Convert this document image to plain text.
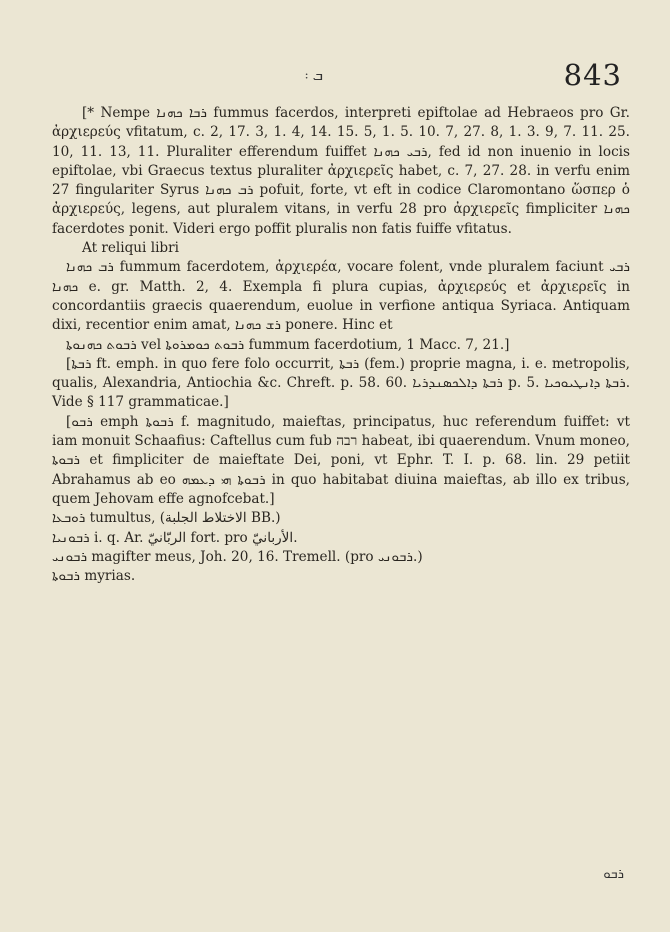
ܒ ܃	843

[* Nempe ܪܒܐ ܟܗܢܐ fummus facerdos, interpreti epiftolae ad Hebraeos pro Gr. ἀρχιερεύς vfitatum, c. 2, 17. 3, 1. 4, 14. 15. 5, 1. 5. 10. 7, 27. 8, 1. 3. 9, 7. 11. 25. 10, 11. 13, 11. Pluraliter efferendum fuiffet ܪܒܝ ܟܗܢܐ, fed id non inuenio in locis epiftolae, vbi Graecus textus pluraliter ἀρχιερεῖς habet, c. 7, 27. 28. in verfu enim 27 fingulariter Syrus ܪܒ ܟܗܢܐ pofuit, forte, vt eft in codice Claromontano ὥσπερ ὁ ἀρχιερεύς, legens, aut pluralem vitans, in verfu 28 pro ἀρχιερεῖς fimpliciter ܟܗܢܐ facerdotes ponit. Videri ergo poffit pluralis non fatis fuiffe vfitatus.

At reliqui libri

ܪܒ ܟܗܢܐ fummum facerdotem, ἀρχιερέα, vocare folent, vnde pluralem faciunt ܪܒܝ ܟܗܢܐ e. gr. Matth. 2, 4. Exempla fi plura cupias, ἀρχιερεύς et ἀρχιερεῖς in concordantiis graecis quaerendum, euolue in verfione antiqua Syriaca. Antiquam dixi, recentior enim amat, ܪܫ ܟܗܢܐ ponere. Hinc et

ܪܒܘܬ ܟܗܢܘܬܐ vel ܪܒܘܬ ܟܘܡܪܘܬܐ fummum facerdotium, 1 Macc. 7, 21.]

[ܪܒܬܐ ft. emph. in quo fere folo occurrit, ܪܒܬܐ (fem.) proprie magna, i. e. metropolis, qualis, Alexandria, Antiochia &c. Chreft. p. 58. 60. ܪܒܬܐ ܕܐܠܟܣܢܕܪܝܐ p. 5. ܪܒܬܐ ܕܐܢܛܝܘܟܝܐ. Vide § 117 grammaticae.]

[ܪܒܘ emph ܪܒܘܬܐ f. magnitudo, maieftas, principatus, huc referendum fuiffet: vt iam monuit Schaafius: Caftellus cum fub רבה habeat, ibi quaerendum. Vnum moneo, ܪܒܘܬܐ et fimpliciter de maieftate Dei, poni, vt Ephr. T. I. p. 68. lin. 29 petiit Abrahamus ab eo ܪܒܘܬܐ ܗܝ ܕܥܡܗ in quo habitabat diuina maieftas, ab illo ex tribus, quem Jehovam effe agnofcebat.]

ܪܘܒܥܐ tumultus, (الاختلاط الجلبة BB.)

ܪܒܘܢܝܐ i. q. Ar. الربّانيّ fort. pro الأربانيّ.

ܪܒܘܢܝ magifter meus, Joh. 20, 16. Tremell. (pro ܪܒܘܢܝ.)

ܪܒܘܬܐ myrias.

ܪܒܘ
